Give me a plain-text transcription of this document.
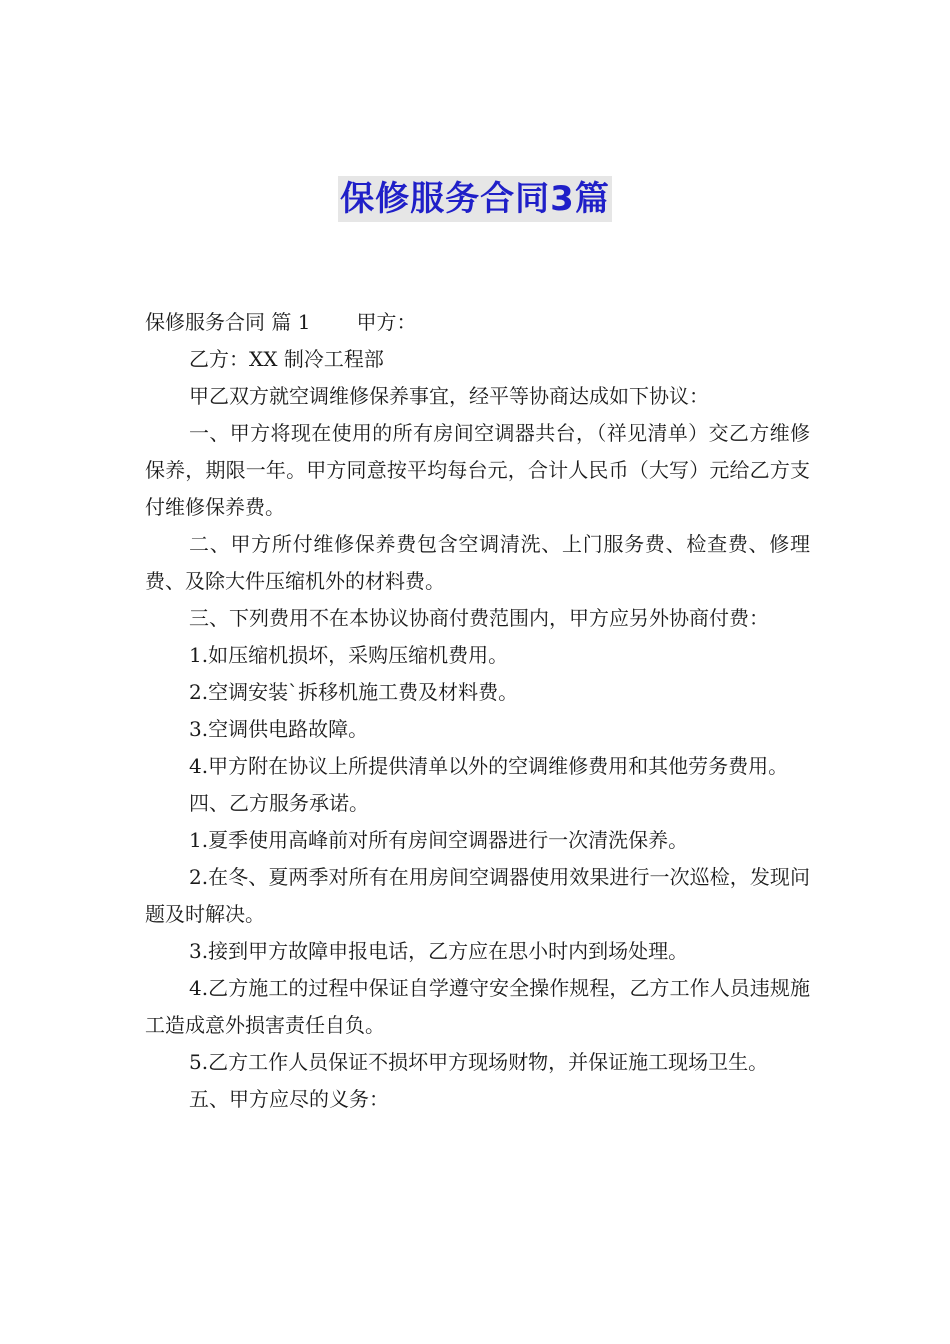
保修服务合同3篇

保修服务合同 篇 1 甲方：

乙方：XX 制冷工程部

甲乙双方就空调维修保养事宜，经平等协商达成如下协议：

一、甲方将现在使用的所有房间空调器共台，（祥见清单）交乙方维修保养，期限一年。甲方同意按平均每台元，合计人民币（大写）元给乙方支付维修保养费。

二、甲方所付维修保养费包含空调清洗、上门服务费、检查费、修理费、及除大件压缩机外的材料费。

三、下列费用不在本协议协商付费范围内，甲方应另外协商付费：

1.如压缩机损坏，采购压缩机费用。

2.空调安装`拆移机施工费及材料费。

3.空调供电路故障。

4.甲方附在协议上所提供清单以外的空调维修费用和其他劳务费用。

四、乙方服务承诺。

1.夏季使用高峰前对所有房间空调器进行一次清洗保养。

2.在冬、夏两季对所有在用房间空调器使用效果进行一次巡检，发现问题及时解决。

3.接到甲方故障申报电话，乙方应在思小时内到场处理。

4.乙方施工的过程中保证自学遵守安全操作规程，乙方工作人员违规施工造成意外损害责任自负。

5.乙方工作人员保证不损坏甲方现场财物，并保证施工现场卫生。

五、甲方应尽的义务：
